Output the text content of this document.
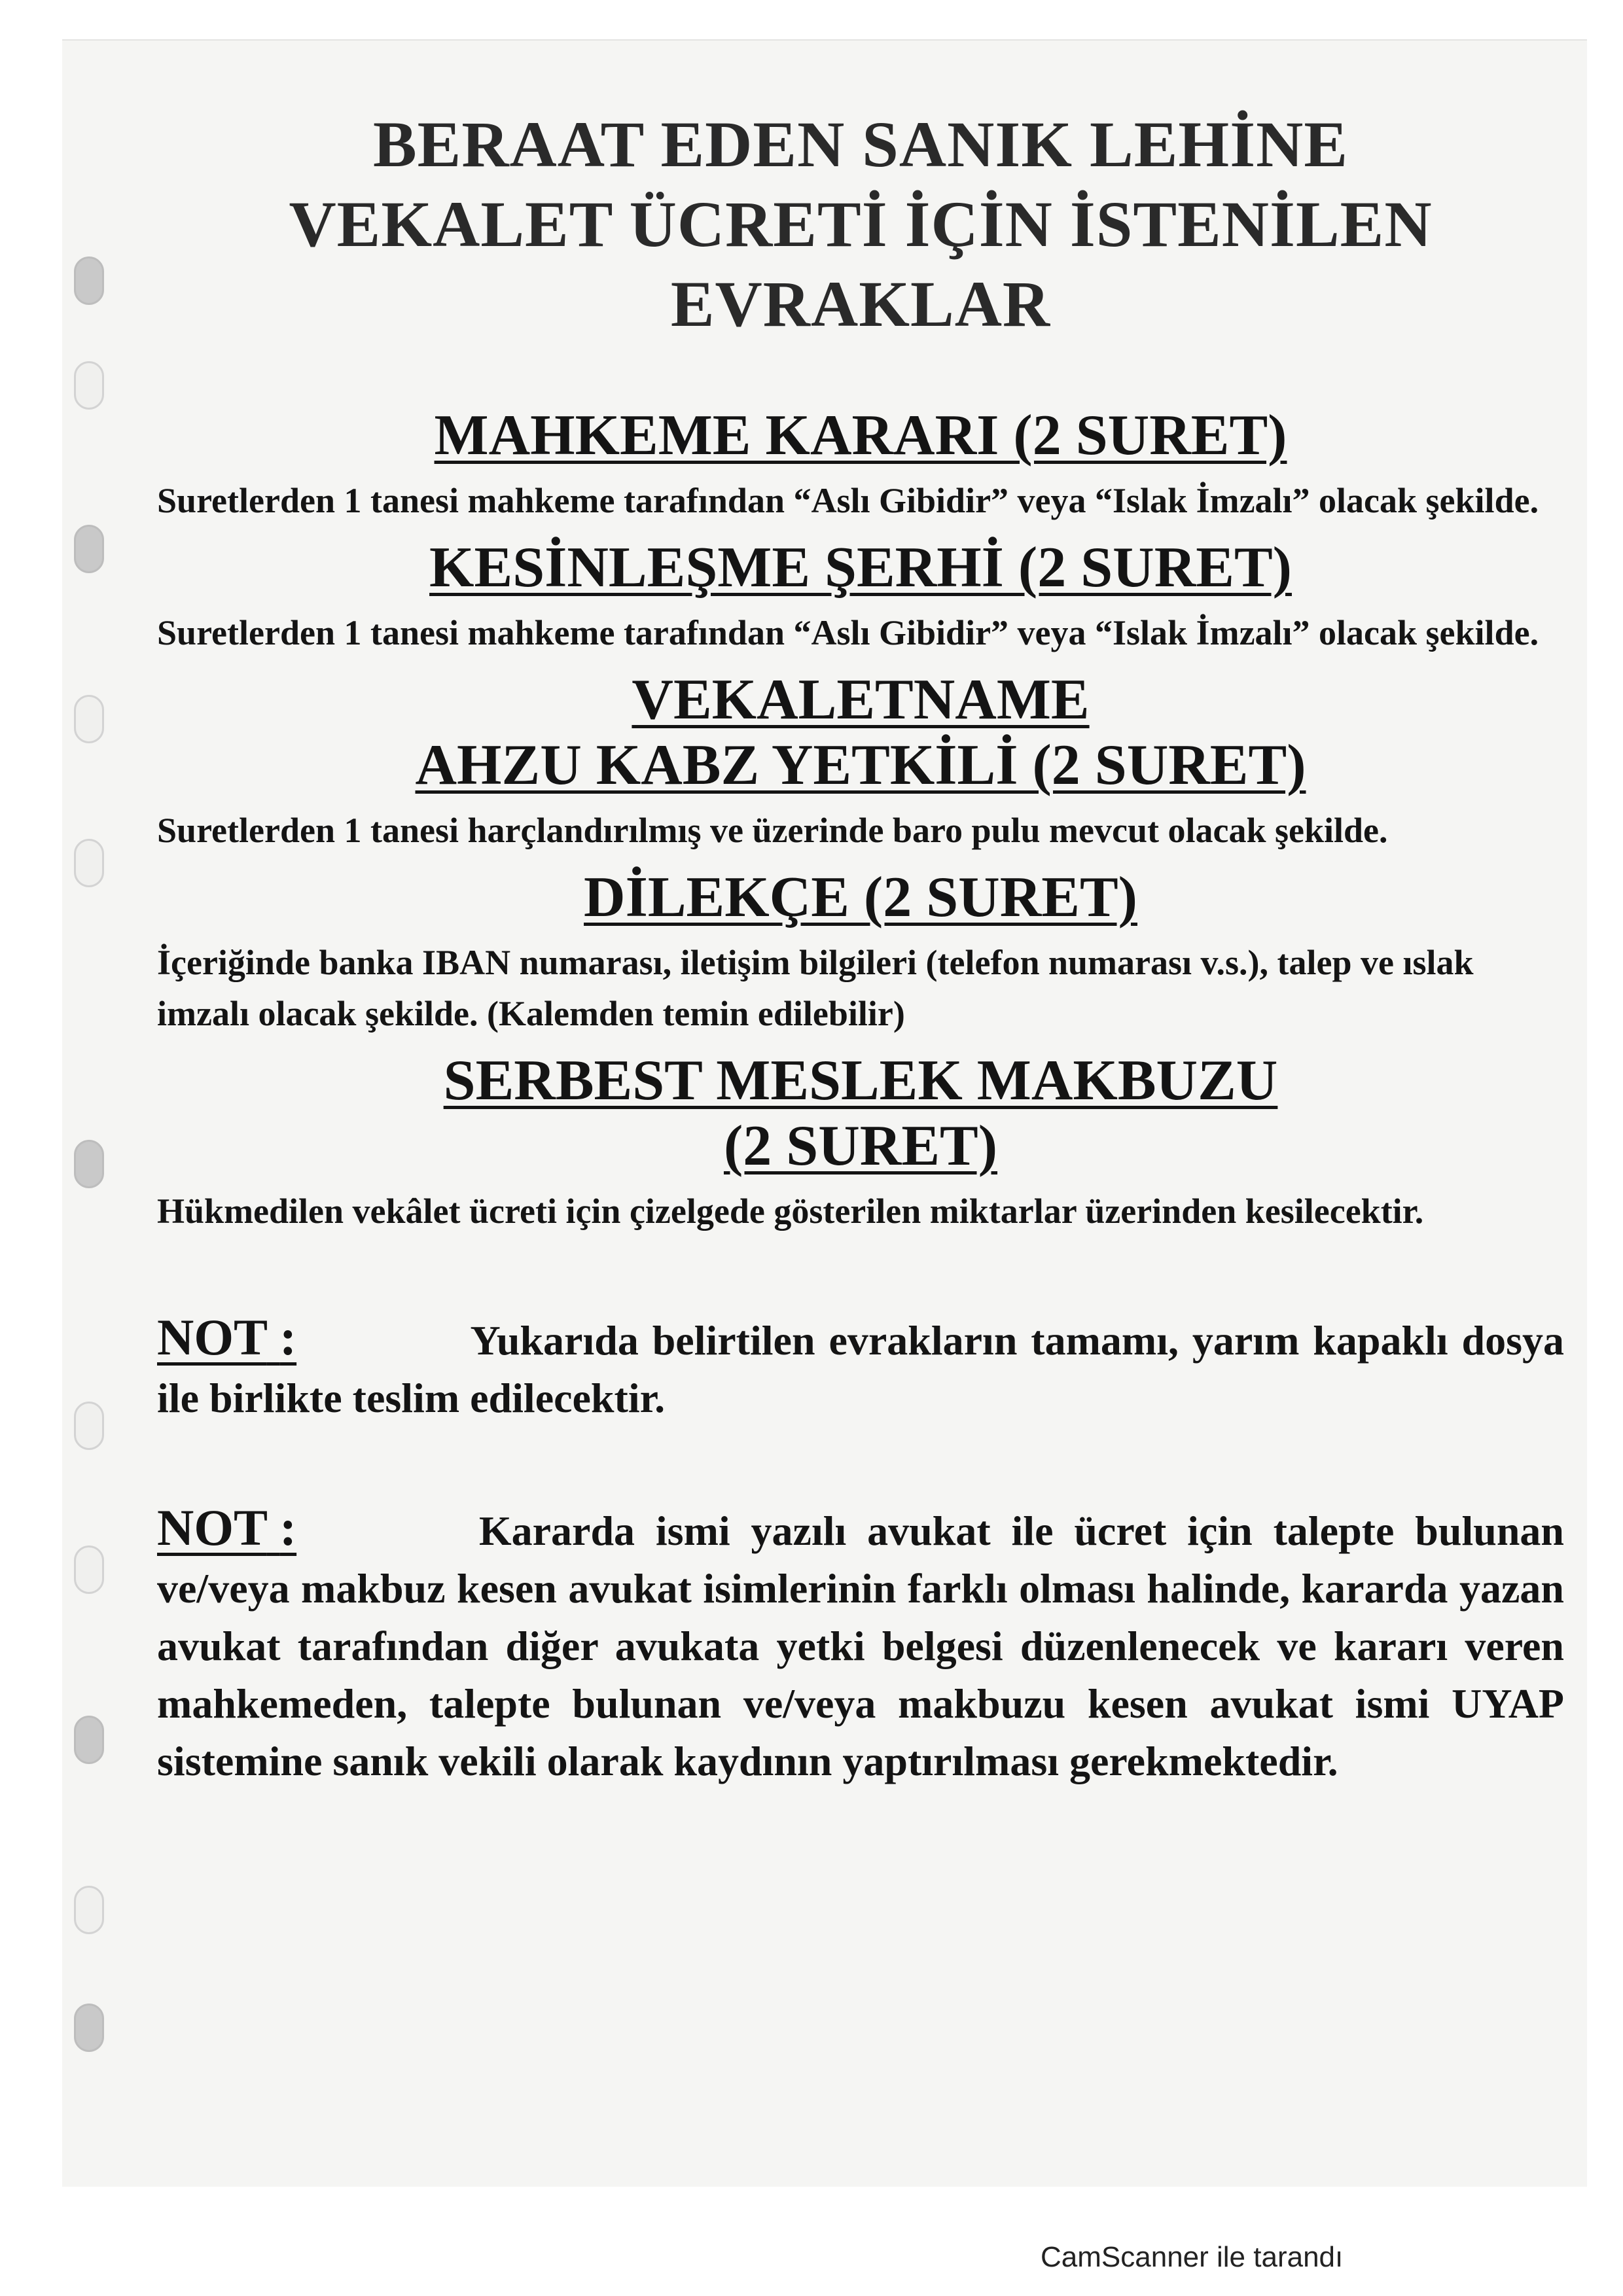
BERAAT EDEN SANIK LEHİNE
VEKALET ÜCRETİ İÇİN İSTENİLEN
EVRAKLAR

MAHKEME KARARI (2 SURET)

Suretlerden 1 tanesi mahkeme tarafından “Aslı Gibidir” veya “Islak İmzalı” olacak şekilde.

KESİNLEŞME ŞERHİ (2 SURET)

Suretlerden 1 tanesi mahkeme tarafından “Aslı Gibidir” veya “Islak İmzalı” olacak şekilde.

VEKALETNAME
AHZU KABZ YETKİLİ (2 SURET)

Suretlerden 1 tanesi harçlandırılmış ve üzerinde baro pulu mevcut olacak şekilde.

DİLEKÇE (2 SURET)

İçeriğinde banka IBAN numarası, iletişim bilgileri (telefon numarası v.s.), talep ve ıslak imzalı olacak şekilde. (Kalemden temin edilebilir)

SERBEST MESLEK MAKBUZU
(2 SURET)

Hükmedilen vekâlet ücreti için çizelgede gösterilen miktarlar üzerinden kesilecektir.

NOT :	Yukarıda belirtilen evrakların tamamı, yarım kapaklı dosya ile birlikte teslim edilecektir.

NOT :	Kararda ismi yazılı avukat ile ücret için talepte bulunan ve/veya makbuz kesen avukat isimlerinin farklı olması halinde, kararda yazan avukat tarafından diğer avukata yetki belgesi düzenlenecek ve kararı veren mahkemeden, talepte bulunan ve/veya makbuzu kesen avukat ismi UYAP sistemine sanık vekili olarak kaydının yaptırılması gerekmektedir.

CamScanner ile tarandı
